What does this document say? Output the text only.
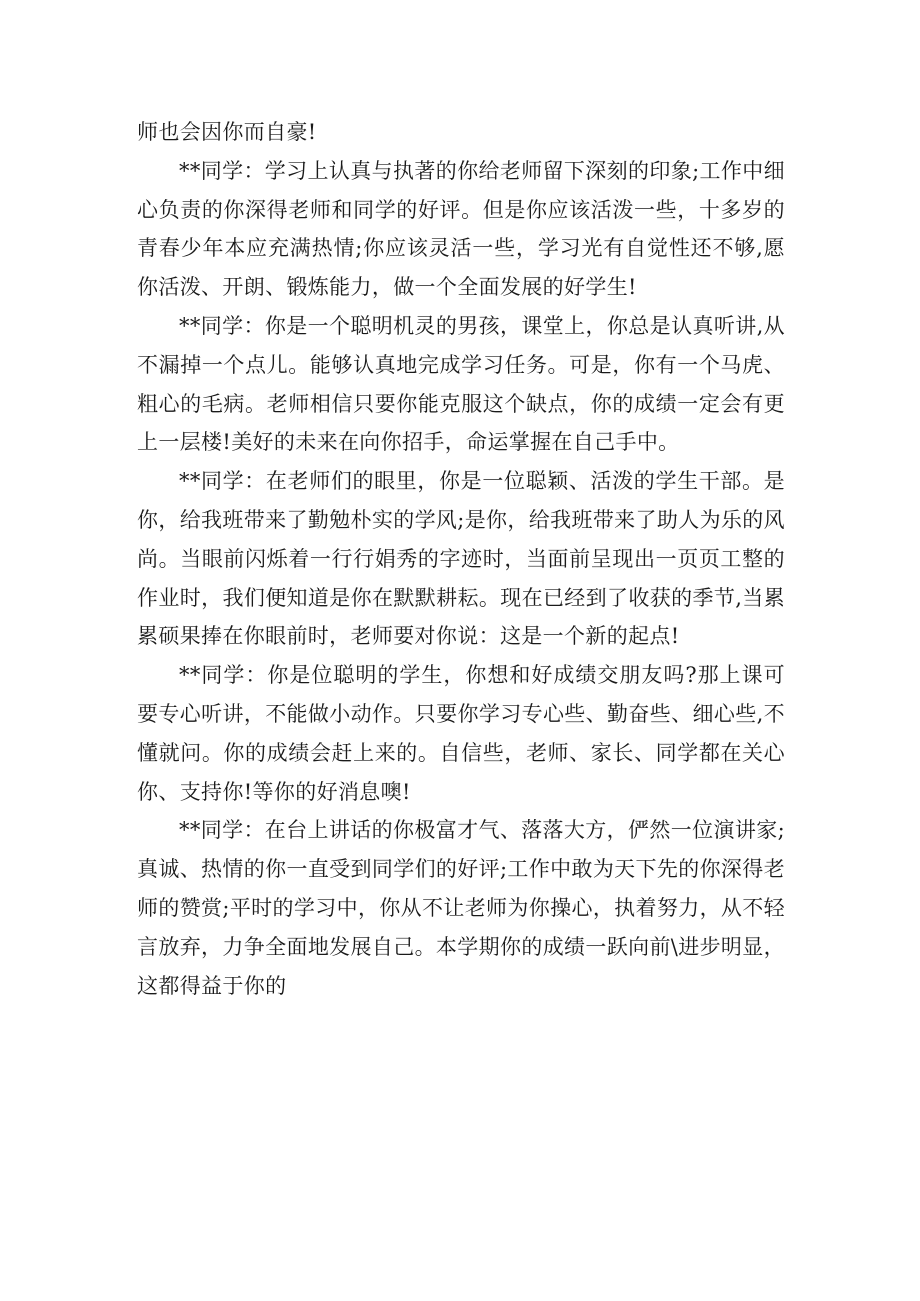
师也会因你而自豪!

**同学：学习上认真与执著的你给老师留下深刻的印象;工作中细心负责的你深得老师和同学的好评。但是你应该活泼一些，十多岁的青春少年本应充满热情;你应该灵活一些，学习光有自觉性还不够,愿你活泼、开朗、锻炼能力，做一个全面发展的好学生!

**同学：你是一个聪明机灵的男孩，课堂上，你总是认真听讲,从不漏掉一个点儿。能够认真地完成学习任务。可是，你有一个马虎、粗心的毛病。老师相信只要你能克服这个缺点，你的成绩一定会有更上一层楼!美好的未来在向你招手，命运掌握在自己手中。

**同学：在老师们的眼里，你是一位聪颖、活泼的学生干部。是你，给我班带来了勤勉朴实的学风;是你，给我班带来了助人为乐的风尚。当眼前闪烁着一行行娟秀的字迹时，当面前呈现出一页页工整的作业时，我们便知道是你在默默耕耘。现在已经到了收获的季节,当累累硕果捧在你眼前时，老师要对你说：这是一个新的起点!

**同学：你是位聪明的学生，你想和好成绩交朋友吗?那上课可要专心听讲，不能做小动作。只要你学习专心些、勤奋些、细心些,不懂就问。你的成绩会赶上来的。自信些，老师、家长、同学都在关心你、支持你!等你的好消息噢!

**同学：在台上讲话的你极富才气、落落大方，俨然一位演讲家;真诚、热情的你一直受到同学们的好评;工作中敢为天下先的你深得老师的赞赏;平时的学习中，你从不让老师为你操心，执着努力，从不轻言放弃，力争全面地发展自己。本学期你的成绩一跃向前\进步明显，这都得益于你的
